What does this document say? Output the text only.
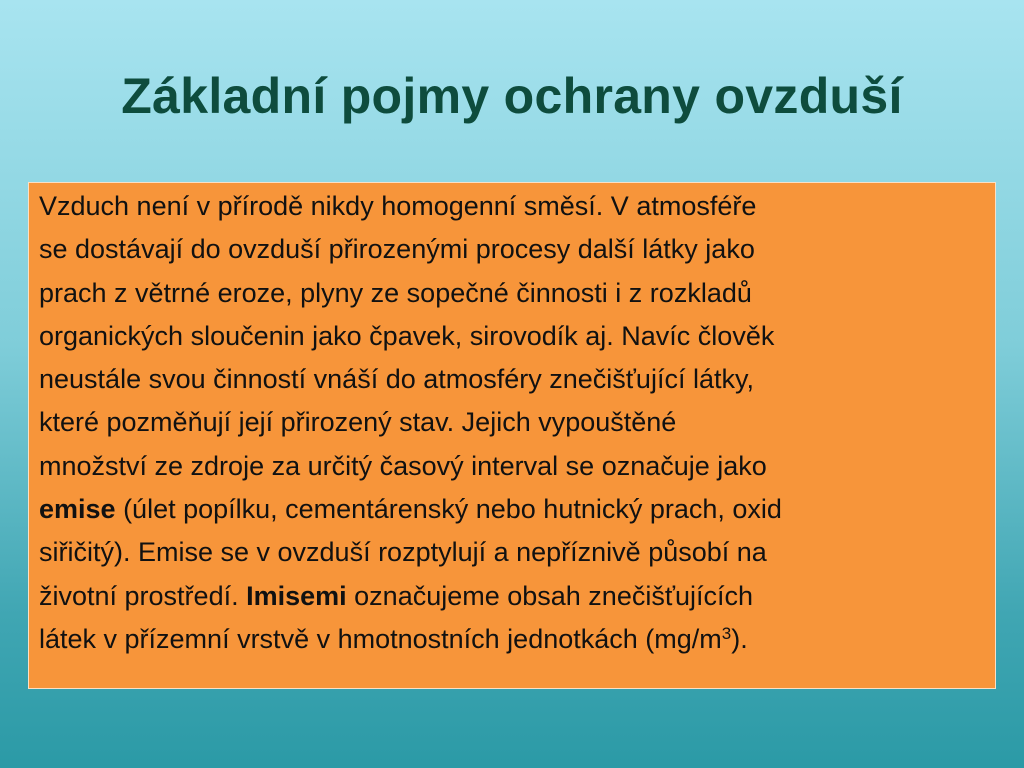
Základní pojmy ochrany ovzduší
Vzduch není v přírodě nikdy homogenní směsí. V atmosféře
se dostávají do ovzduší přirozenými procesy další látky jako
prach z větrné eroze, plyny ze sopečné činnosti i z rozkladů
organických sloučenin jako čpavek, sirovodík aj. Navíc člověk
neustále svou činností vnáší do atmosféry znečišťující látky,
které pozměňují její přirozený stav. Jejich vypouštěné
množství ze zdroje za určitý časový interval se označuje jako
emise (úlet popílku, cementárenský nebo hutnický prach, oxid
siřičitý). Emise se v ovzduší rozptylují a nepříznivě působí na
životní prostředí. Imisemi označujeme obsah znečišťujících
látek v přízemní vrstvě v hmotnostních jednotkách $(mg/m^3)$.
